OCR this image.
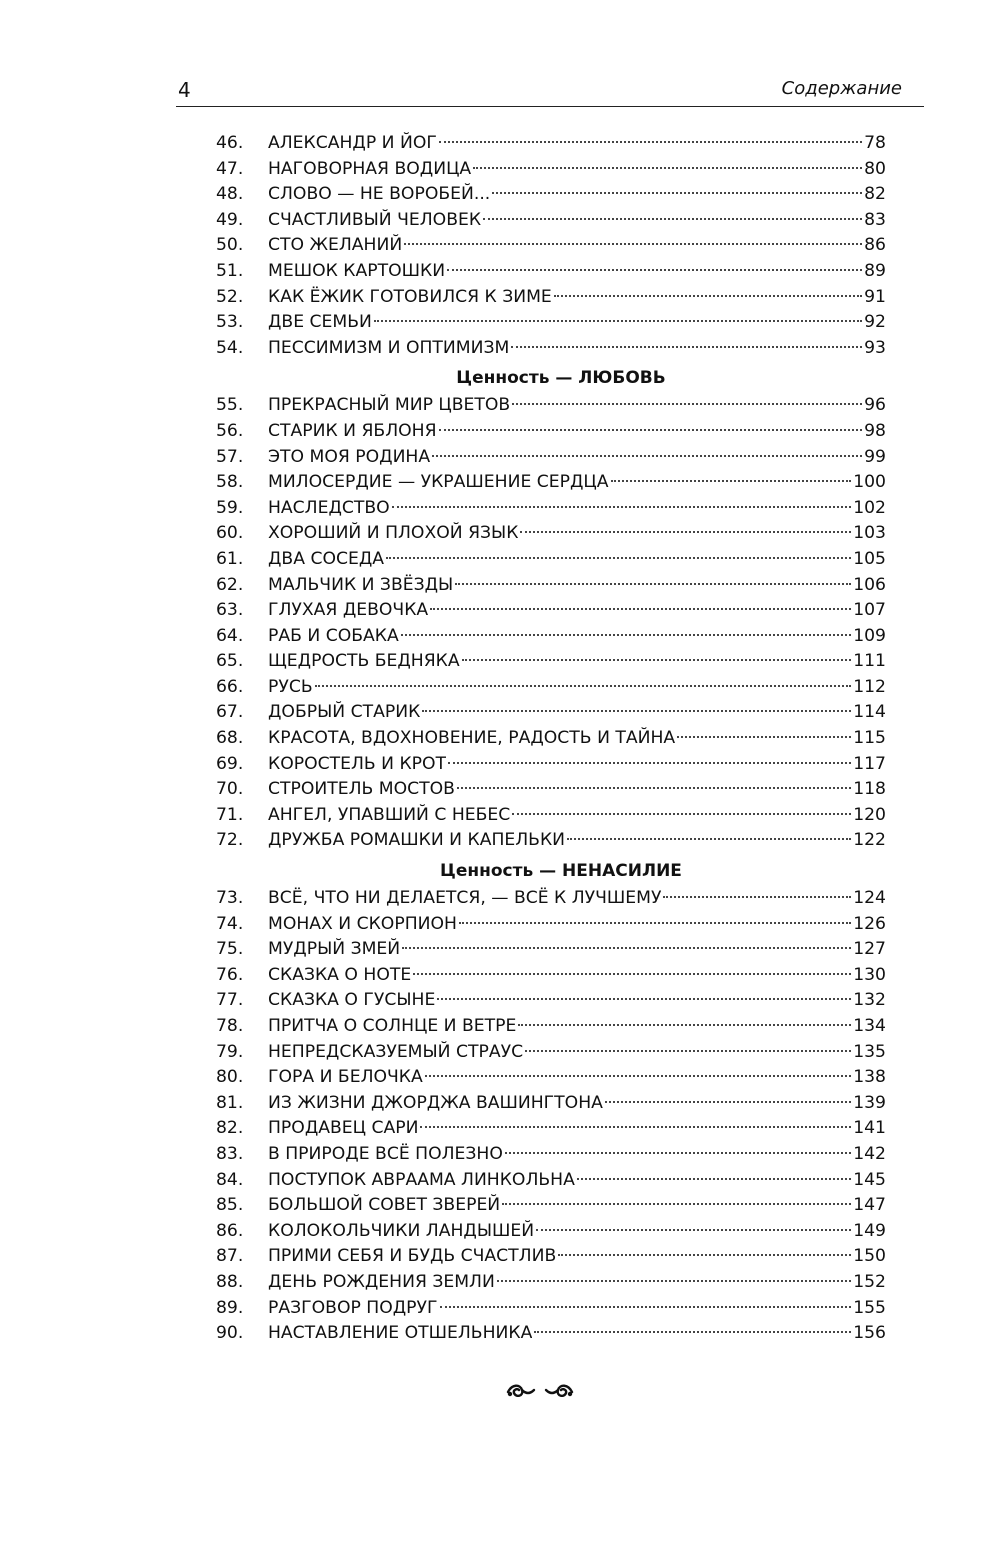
4	Содержание
46.	АЛЕКСАНДР И ЙОГ	78
47.	НАГОВОРНАЯ ВОДИЦА	80
48.	СЛОВО — НЕ ВОРОБЕЙ...	82
49.	СЧАСТЛИВЫЙ ЧЕЛОВЕК	83
50.	СТО ЖЕЛАНИЙ	86
51.	МЕШОК КАРТОШКИ	89
52.	КАК ЁЖИК ГОТОВИЛСЯ К ЗИМЕ	91
53.	ДВЕ СЕМЬИ	92
54.	ПЕССИМИЗМ И ОПТИМИЗМ	93
Ценность — ЛЮБОВЬ
55.	ПРЕКРАСНЫЙ МИР ЦВЕТОВ	96
56.	СТАРИК И ЯБЛОНЯ	98
57.	ЭТО МОЯ РОДИНА	99
58.	МИЛОСЕРДИЕ — УКРАШЕНИЕ СЕРДЦА	100
59.	НАСЛЕДСТВО	102
60.	ХОРОШИЙ И ПЛОХОЙ ЯЗЫК	103
61.	ДВА СОСЕДА	105
62.	МАЛЬЧИК И ЗВЁЗДЫ	106
63.	ГЛУХАЯ ДЕВОЧКА	107
64.	РАБ И СОБАКА	109
65.	ЩЕДРОСТЬ БЕДНЯКА	111
66.	РУСЬ	112
67.	ДОБРЫЙ СТАРИК	114
68.	КРАСОТА, ВДОХНОВЕНИЕ, РАДОСТЬ И ТАЙНА	115
69.	КОРОСТЕЛЬ И КРОТ	117
70.	СТРОИТЕЛЬ МОСТОВ	118
71.	АНГЕЛ, УПАВШИЙ С НЕБЕС	120
72.	ДРУЖБА РОМАШКИ И КАПЕЛЬКИ	122
Ценность — НЕНАСИЛИЕ
73.	ВСЁ, ЧТО НИ ДЕЛАЕТСЯ, — ВСЁ К ЛУЧШЕМУ	124
74.	МОНАХ И СКОРПИОН	126
75.	МУДРЫЙ ЗМЕЙ	127
76.	СКАЗКА О НОТЕ	130
77.	СКАЗКА О ГУСЫНЕ	132
78.	ПРИТЧА О СОЛНЦЕ И ВЕТРЕ	134
79.	НЕПРЕДСКАЗУЕМЫЙ СТРАУС	135
80.	ГОРА И БЕЛОЧКА	138
81.	ИЗ ЖИЗНИ ДЖОРДЖА ВАШИНГТОНА	139
82.	ПРОДАВЕЦ САРИ	141
83.	В ПРИРОДЕ ВСЁ ПОЛЕЗНО	142
84.	ПОСТУПОК АВРААМА ЛИНКОЛЬНА	145
85.	БОЛЬШОЙ СОВЕТ ЗВЕРЕЙ	147
86.	КОЛОКОЛЬЧИКИ ЛАНДЫШЕЙ	149
87.	ПРИМИ СЕБЯ И БУДЬ СЧАСТЛИВ	150
88.	ДЕНЬ РОЖДЕНИЯ ЗЕМЛИ	152
89.	РАЗГОВОР ПОДРУГ	155
90.	НАСТАВЛЕНИЕ ОТШЕЛЬНИКА	156
